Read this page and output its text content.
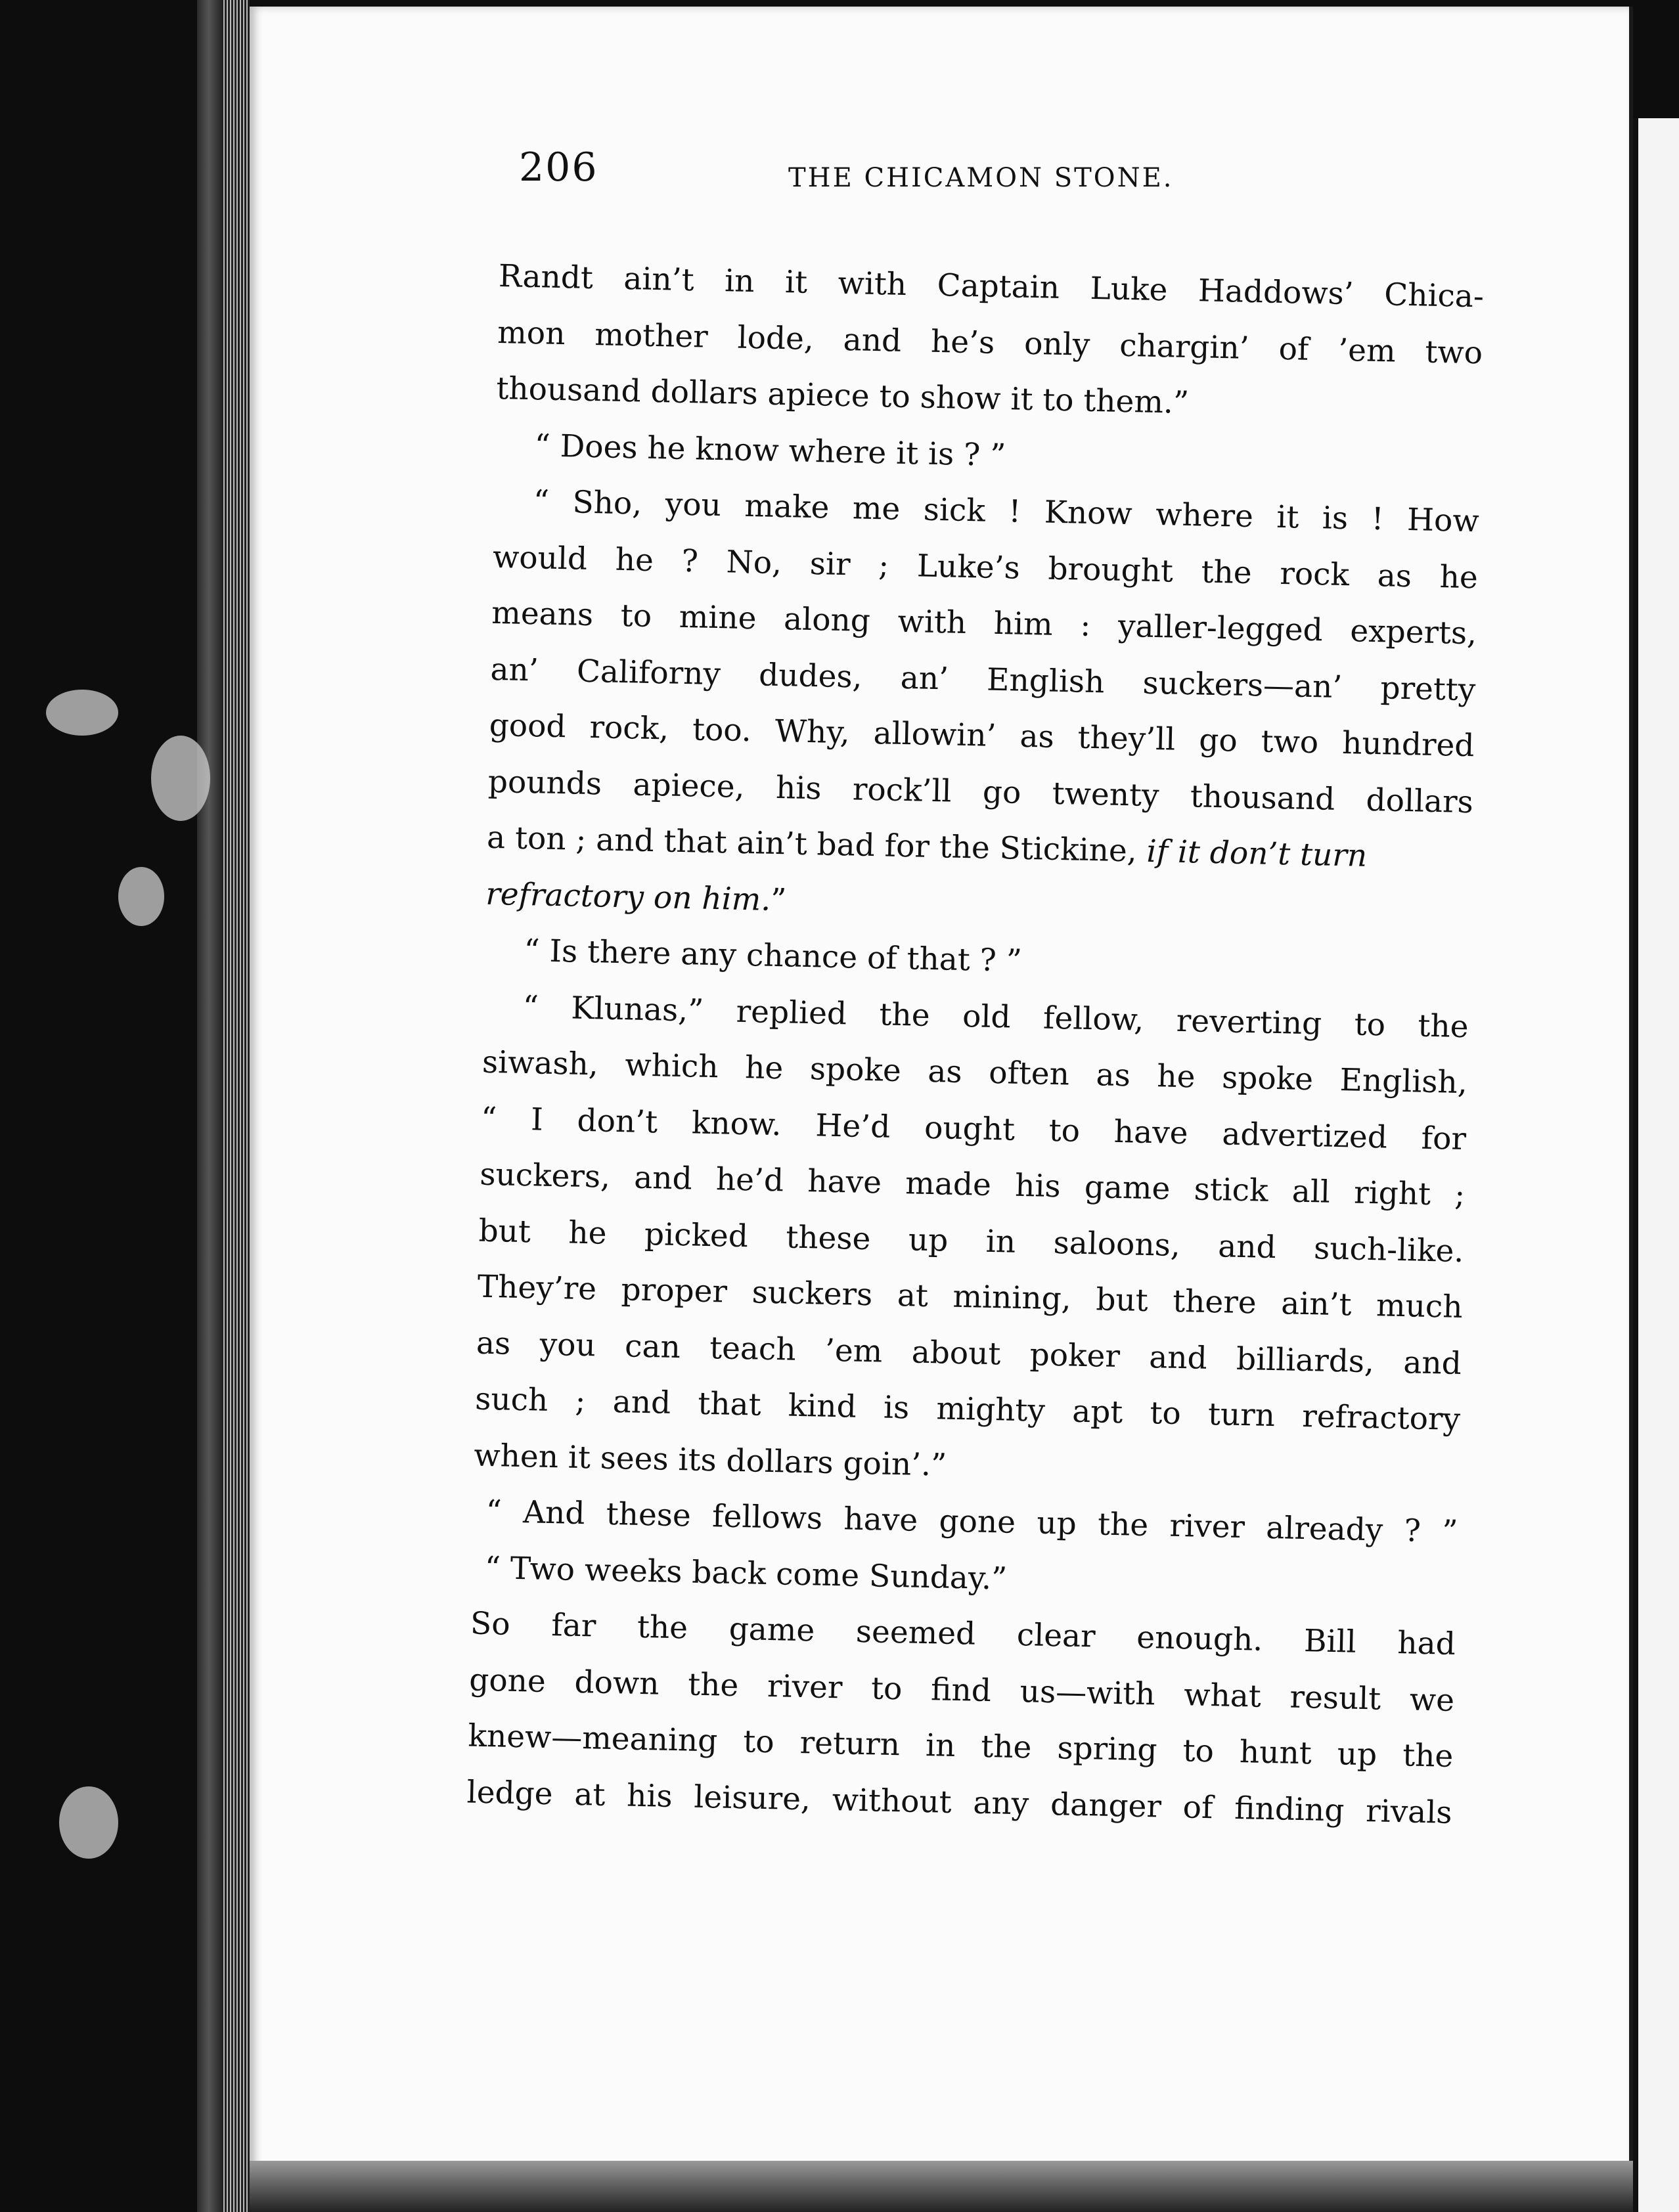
206	THE CHICAMON STONE.
Randt ain’t in it with Captain Luke Haddows’ Chica-
mon mother lode, and he’s only chargin’ of ’em two
thousand dollars apiece to show it to them.”
“ Does he know where it is ? ”
“ Sho, you make me sick ! Know where it is ! How
would he ? No, sir ; Luke’s brought the rock as he
means to mine along with him : yaller-legged experts,
an’ Californy dudes, an’ English suckers—an’ pretty
good rock, too. Why, allowin’ as they’ll go two hundred
pounds apiece, his rock’ll go twenty thousand dollars
a ton ; and that ain’t bad for the Stickine, if it don’t turn
refractory on him.”
“ Is there any chance of that ? ”
“ Klunas,” replied the old fellow, reverting to the
siwash, which he spoke as often as he spoke English,
“ I don’t know. He’d ought to have advertized for
suckers, and he’d have made his game stick all right ;
but he picked these up in saloons, and such-like.
They’re proper suckers at mining, but there ain’t much
as you can teach ’em about poker and billiards, and
such ; and that kind is mighty apt to turn refractory
when it sees its dollars goin’.”
“ And these fellows have gone up the river already ? ”
“ Two weeks back come Sunday.”
So far the game seemed clear enough. Bill had
gone down the river to find us—with what result we
knew—meaning to return in the spring to hunt up the
ledge at his leisure, without any danger of finding rivals
